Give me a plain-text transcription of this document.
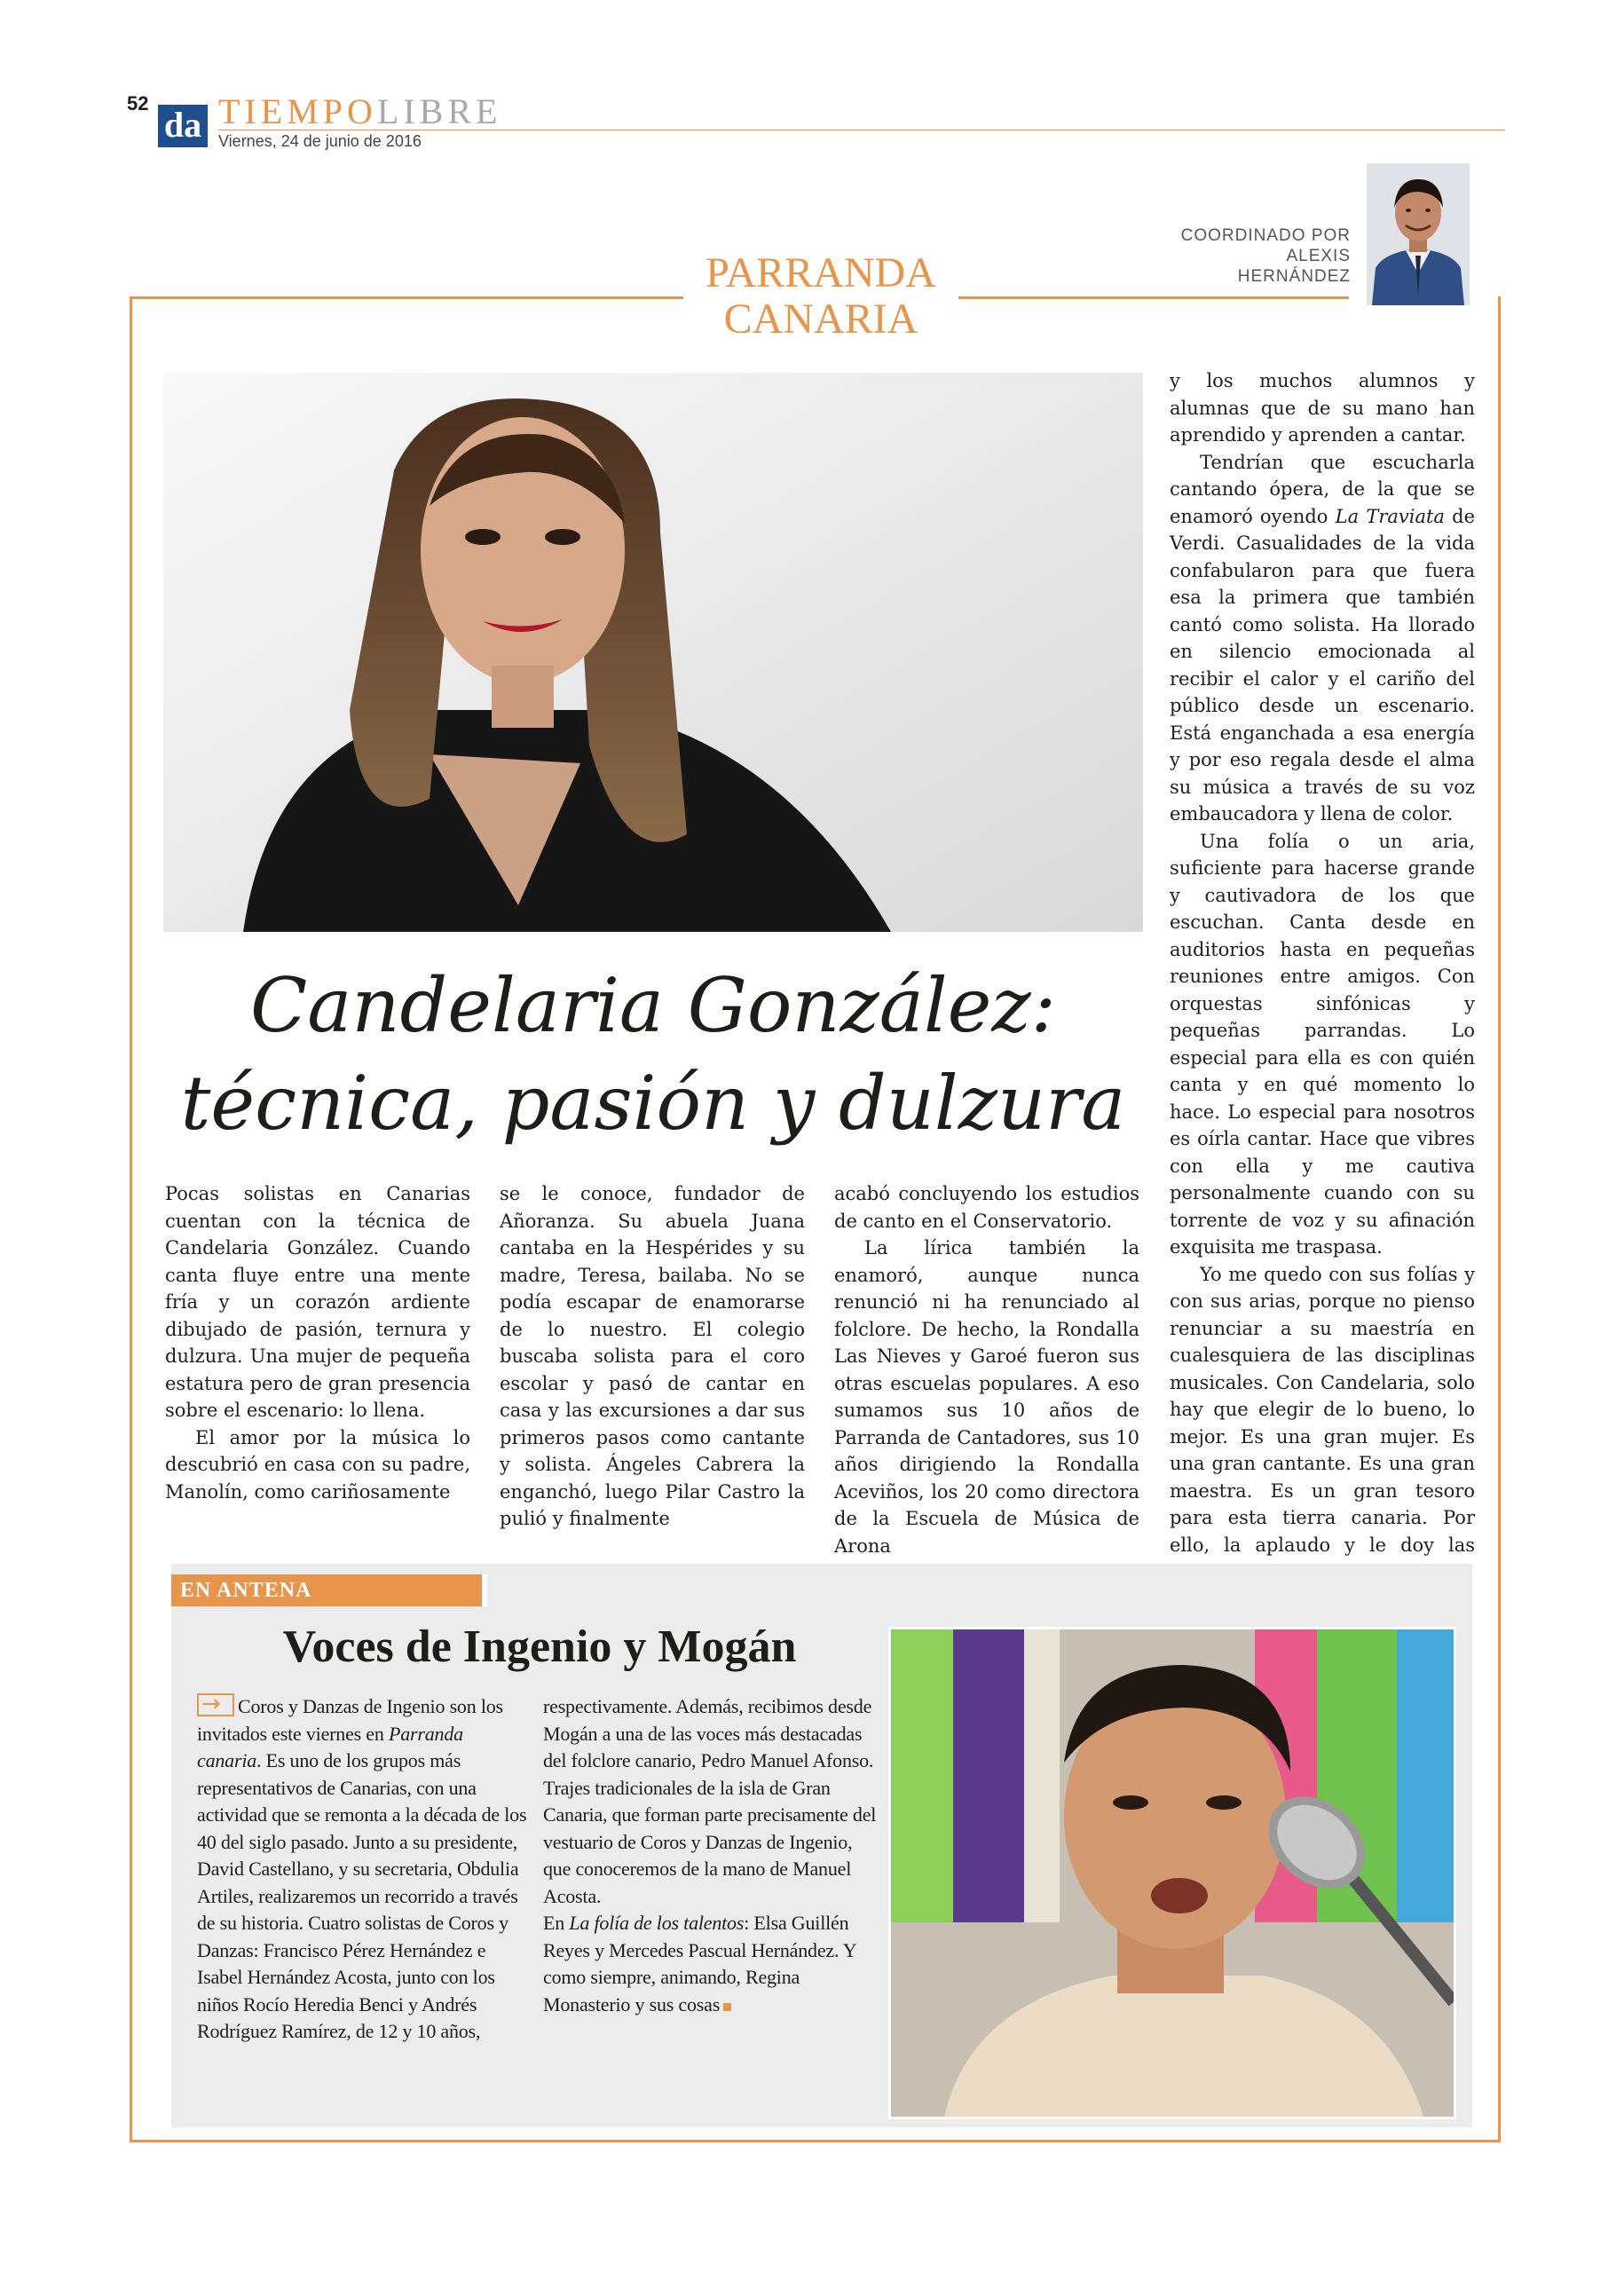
52
da TIEMPOLIBRE
Viernes, 24 de junio de 2016
PARRANDA
CANARIA
COORDINADO POR
ALEXIS
HERNÁNDEZ
Candelaria González:
técnica, pasión y dulzura

Pocas solistas en Canarias cuentan con la técnica de Candelaria González. Cuando canta fluye entre una mente fría y un corazón ardiente dibujado de pasión, ternura y dulzura. Una mujer de pequeña estatura pero de gran presencia sobre el escenario: lo llena.

El amor por la música lo descubrió en casa con su padre, Manolín, como cariñosamente

se le conoce, fundador de Añoranza. Su abuela Juana cantaba en la Hespérides y su madre, Teresa, bailaba. No se podía escapar de enamorarse de lo nuestro. El colegio buscaba solista para el coro escolar y pasó de cantar en casa y las excursiones a dar sus primeros pasos como cantante y solista. Ángeles Cabrera la enganchó, luego Pilar Castro la pulió y finalmente

acabó concluyendo los estudios de canto en el Conservatorio.

La lírica también la enamoró, aunque nunca renunció ni ha renunciado al folclore. De hecho, la Rondalla Las Nieves y Garoé fueron sus otras escuelas populares. A eso sumamos sus 10 años de Parranda de Cantadores, sus 10 años dirigiendo la Rondalla Aceviños, los 20 como directora de la Escuela de Música de Arona

y los muchos alumnos y alumnas que de su mano han aprendido y aprenden a cantar.

Tendrían que escucharla cantando ópera, de la que se enamoró oyendo La Traviata de Verdi. Casualidades de la vida confabularon para que fuera esa la primera que también cantó como solista. Ha llorado en silencio emocionada al recibir el calor y el cariño del público desde un escenario. Está enganchada a esa energía y por eso regala desde el alma su música a través de su voz embaucadora y llena de color.

Una folía o un aria, suficiente para hacerse grande y cautivadora de los que escuchan. Canta desde en auditorios hasta en pequeñas reuniones entre amigos. Con orquestas sinfónicas y pequeñas parrandas. Lo especial para ella es con quién canta y en qué momento lo hace. Lo especial para nosotros es oírla cantar. Hace que vibres con ella y me cautiva personalmente cuando con su torrente de voz y su afinación exquisita me traspasa.

Yo me quedo con sus folías y con sus arias, porque no pienso renunciar a su maestría en cualesquiera de las disciplinas musicales. Con Candelaria, solo hay que elegir de lo bueno, lo mejor. Es una gran mujer. Es una gran cantante. Es una gran maestra. Es un gran tesoro para esta tierra canaria. Por ello, la aplaudo y le doy las

EN ANTENA
Voces de Ingenio y Mogán

→ Coros y Danzas de Ingenio son los invitados este viernes en Parranda canaria. Es uno de los grupos más representativos de Canarias, con una actividad que se remonta a la década de los 40 del siglo pasado. Junto a su presidente, David Castellano, y su secretaria, Obdulia Artiles, realizaremos un recorrido a través de su historia. Cuatro solistas de Coros y Danzas: Francisco Pérez Hernández e Isabel Hernández Acosta, junto con los niños Rocío Heredia Benci y Andrés Rodríguez Ramírez, de 12 y 10 años,

respectivamente. Además, recibimos desde Mogán a una de las voces más destacadas del folclore canario, Pedro Manuel Afonso. Trajes tradicionales de la isla de Gran Canaria, que forman parte precisamente del vestuario de Coros y Danzas de Ingenio, que conoceremos de la mano de Manuel Acosta.

En La folía de los talentos: Elsa Guillén Reyes y Mercedes Pascual Hernández. Y como siempre, animando, Regina Monasterio y sus cosas
